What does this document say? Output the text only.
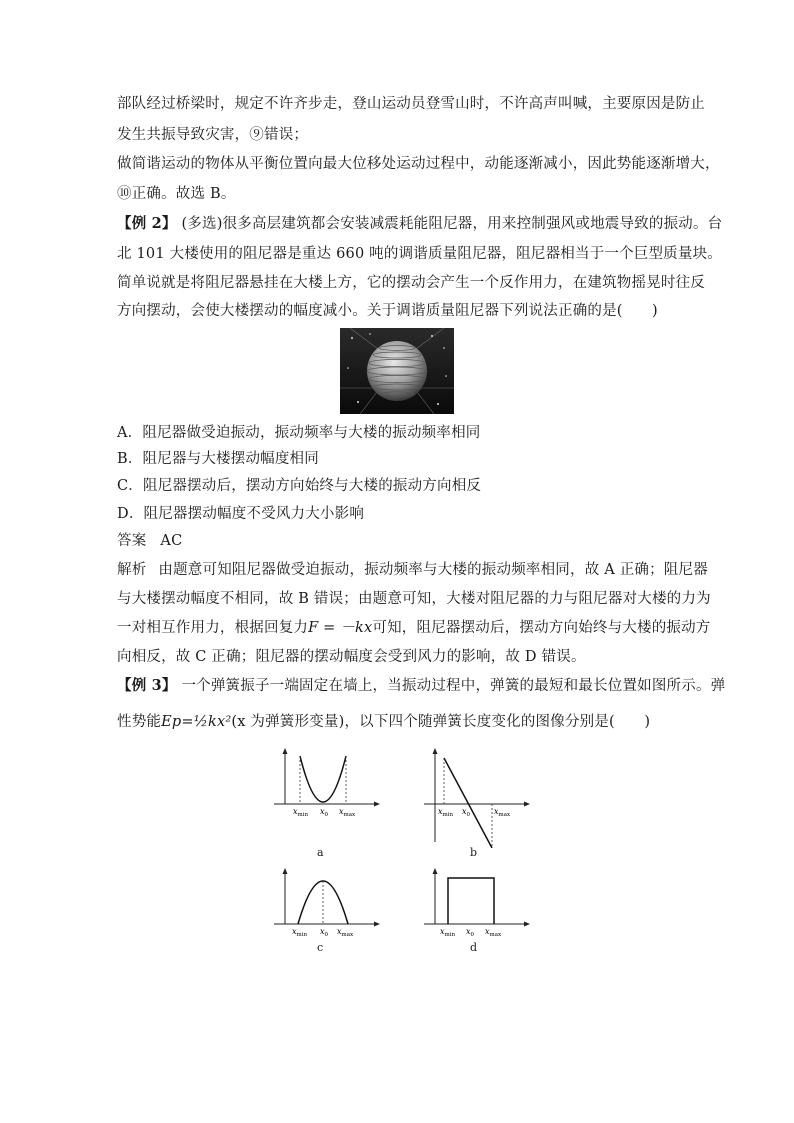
部队经过桥梁时，规定不许齐步走，登山运动员登雪山时，不许高声叫喊，主要原因是防止
发生共振导致灾害，⑨错误；
做简谐运动的物体从平衡位置向最大位移处运动过程中，动能逐渐减小，因此势能逐渐增大，
⑩正确。故选 B。
【例 2】 (多选)很多高层建筑都会安装减震耗能阻尼器，用来控制强风或地震导致的振动。台
北 101 大楼使用的阻尼器是重达 660 吨的调谐质量阻尼器，阻尼器相当于一个巨型质量块。
简单说就是将阻尼器悬挂在大楼上方，它的摆动会产生一个反作用力，在建筑物摇晃时往反
方向摆动，会使大楼摆动的幅度减小。关于调谐质量阻尼器下列说法正确的是(　　)
A．阻尼器做受迫振动，振动频率与大楼的振动频率相同
B．阻尼器与大楼摆动幅度相同
C．阻尼器摆动后，摆动方向始终与大楼的振动方向相反
D．阻尼器摆动幅度不受风力大小影响
答案 AC
解析 由题意可知阻尼器做受迫振动，振动频率与大楼的振动频率相同，故 A 正确；阻尼器
与大楼摆动幅度不相同，故 B 错误；由题意可知，大楼对阻尼器的力与阻尼器对大楼的力为
一对相互作用力，根据回复力F = －kx可知，阻尼器摆动后，摆动方向始终与大楼的振动方
向相反，故 C 正确；阻尼器的摆动幅度会受到风力的影响，故 D 错误。
【例 3】 一个弹簧振子一端固定在墙上，当振动过程中，弹簧的最短和最长位置如图所示。弹
性势能Ep=½kx²(x 为弹簧形变量)，以下四个随弹簧长度变化的图像分别是(　　)
$x_{min}$ $x_0$ $x_{max}$
a
$x_{min}$ $x_0$	$x_{max}$
b
$x_{min}$ $x_0$ $x_{max}$
c
$x_{min}$ $x_0$ $x_{max}$
d
